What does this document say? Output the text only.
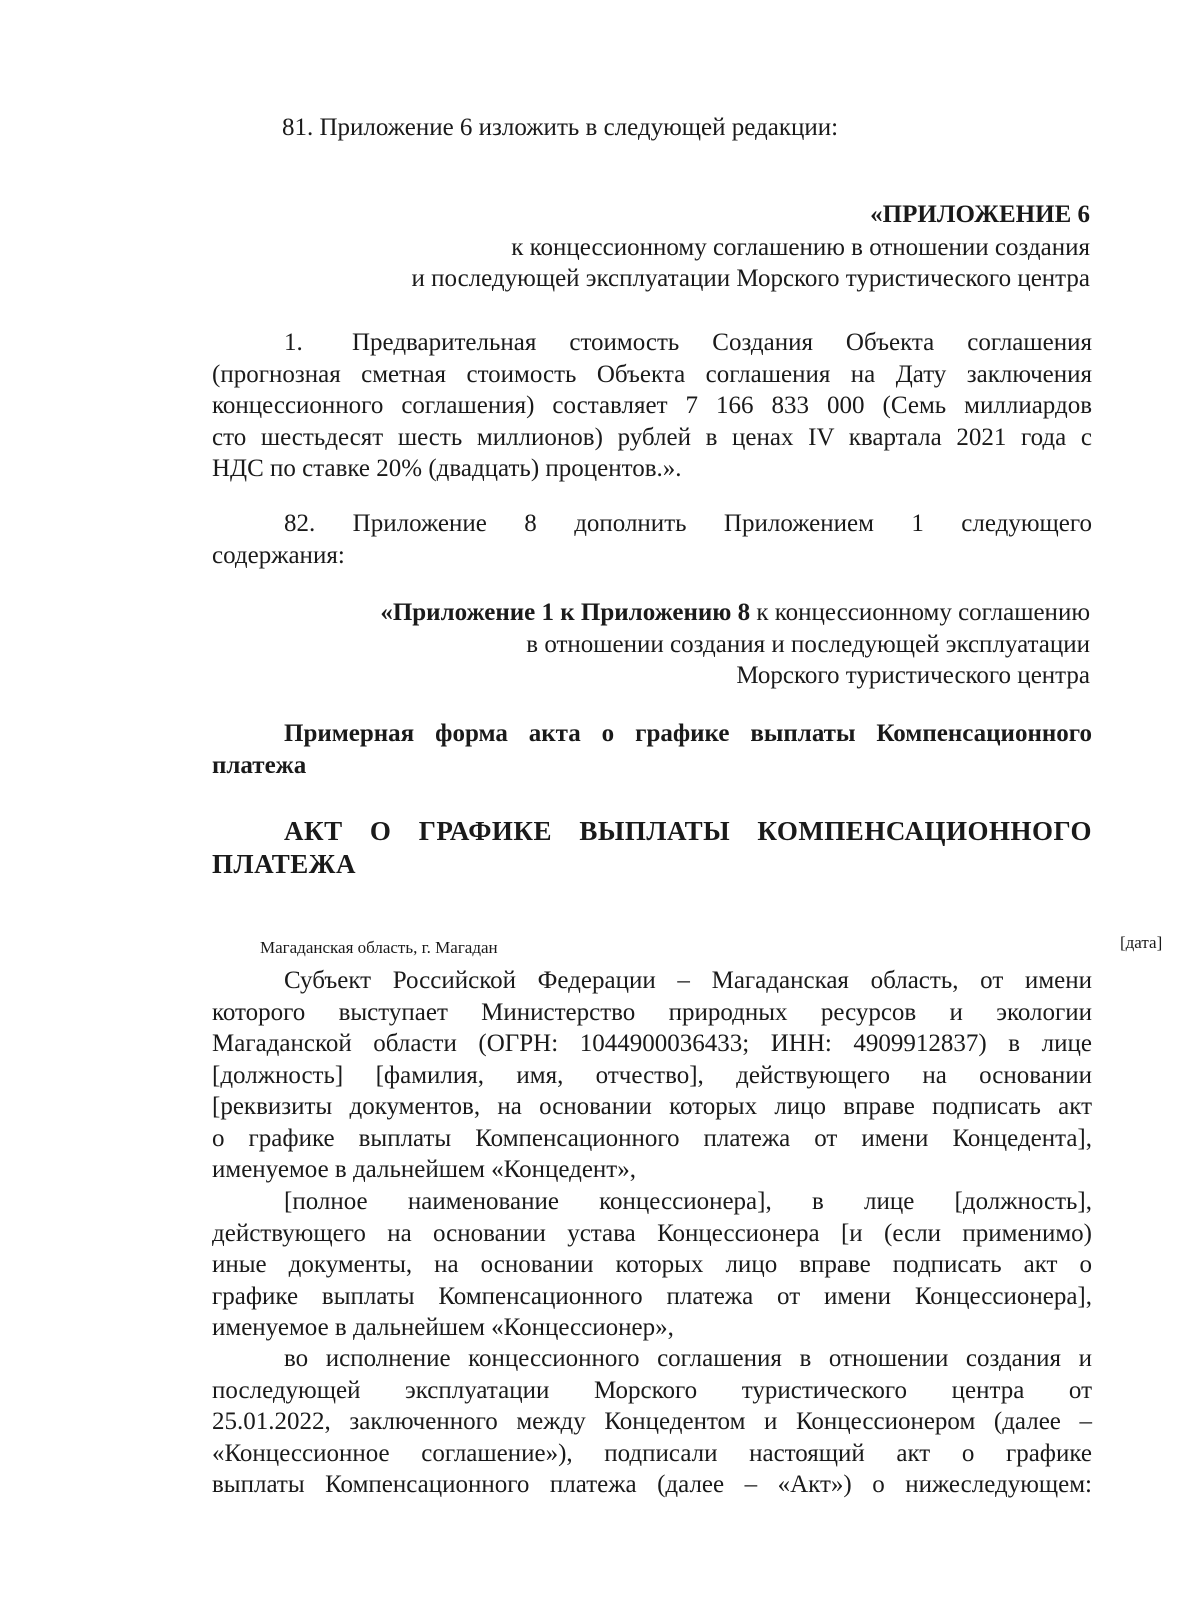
81. Приложение 6 изложить в следующей редакции:
«ПРИЛОЖЕНИЕ 6
к концессионному соглашению в отношении создания
и последующей эксплуатации Морского туристического центра
1. Предварительная стоимость Создания Объекта соглашения
(прогнозная сметная стоимость Объекта соглашения на Дату заключения
концессионного соглашения) составляет 7 166 833 000 (Семь миллиардов
сто шестьдесят шесть миллионов) рублей в ценах IV квартала 2021 года с
НДС по ставке 20% (двадцать) процентов.».
82. Приложение 8 дополнить Приложением 1 следующего
содержания:
«Приложение 1 к Приложению 8 к концессионному соглашению
в отношении создания и последующей эксплуатации
Морского туристического центра
Примерная форма акта о графике выплаты Компенсационного
платежа
АКТ О ГРАФИКЕ ВЫПЛАТЫ КОМПЕНСАЦИОННОГО
ПЛАТЕЖА
Магаданская область, г. Магадан	[дата]
Субъект Российской Федерации – Магаданская область, от имени
которого выступает Министерство природных ресурсов и экологии
Магаданской области (ОГРН: 1044900036433; ИНН: 4909912837) в лице
[должность] [фамилия, имя, отчество], действующего на основании
[реквизиты документов, на основании которых лицо вправе подписать акт
о графике выплаты Компенсационного платежа от имени Концедента],
именуемое в дальнейшем «Концедент»,
[полное наименование концессионера], в лице [должность],
действующего на основании устава Концессионера [и (если применимо)
иные документы, на основании которых лицо вправе подписать акт о
графике выплаты Компенсационного платежа от имени Концессионера],
именуемое в дальнейшем «Концессионер»,
во исполнение концессионного соглашения в отношении создания и
последующей эксплуатации Морского туристического центра от
25.01.2022, заключенного между Концедентом и Концессионером (далее –
«Концессионное соглашение»), подписали настоящий акт о графике
выплаты Компенсационного платежа (далее – «Акт») о нижеследующем:
